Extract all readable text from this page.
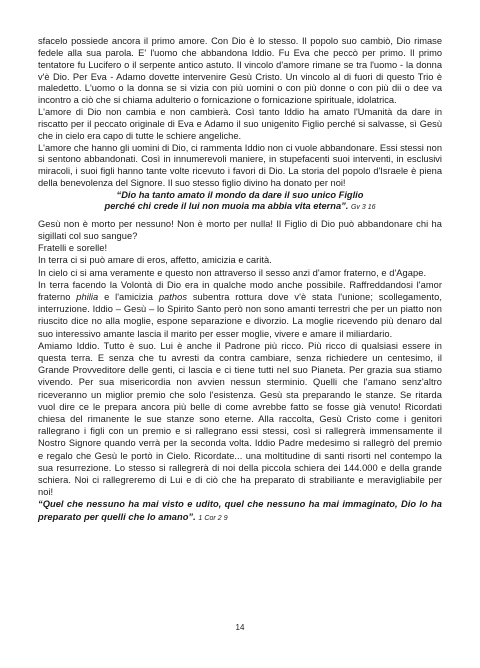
sfacelo possiede ancora il primo amore. Con Dio è lo stesso. Il popolo suo cambiò, Dio rimase fedele alla sua parola. E' l'uomo che abbandona Iddio. Fu Eva che peccò per primo. Il primo tentatore fu Lucifero o il serpente antico astuto. Il vincolo d'amore rimane se tra l'uomo - la donna v'è Dio. Per Eva - Adamo dovette intervenire Gesù Cristo. Un vincolo al di fuori di questo Trio è maledetto. L'uomo o la donna se si vizia con più uomini o con più donne o con più dii o dee va incontro a ciò che si chiama adulterio o fornicazione o fornicazione spirituale, idolatrica.

L'amore di Dio non cambia e non cambierà. Così tanto Iddio ha amato l'Umanità da dare in riscatto per il peccato originale di Eva e Adamo il suo unigenito Figlio perché si salvasse, sì Gesù che in cielo era capo di tutte le schiere angeliche.

L'amore che hanno gli uomini di Dio, ci rammenta Iddio non ci vuole abbandonare. Essi stessi non si sentono abbandonati. Così in innumerevoli maniere, in stupefacenti suoi interventi, in esclusivi miracoli, i suoi figli hanno tante volte ricevuto i favori di Dio. La storia del popolo d'Israele è piena della benevolenza del Signore. Il suo stesso figlio divino ha donato per noi!

“Dio ha tanto amato il mondo da dare il suo unico Figlio
perché chi crede il lui non muoia ma abbia vita eterna”. Gv 3 16

Gesù non è morto per nessuno! Non è morto per nulla! Il Figlio di Dio può abbandonare chi ha sigillati col suo sangue?

Fratelli e sorelle!

In terra ci si può amare di eros, affetto, amicizia e carità.

In cielo ci si ama veramente e questo non attraverso il sesso anzi d'amor fraterno, e d'Agape.

In terra facendo la Volontà di Dio era in qualche modo anche possibile. Raffreddandosi l'amor fraterno philia e l'amicizia pathos subentra rottura dove v'è stata l'unione; scollegamento, interruzione. Iddio – Gesù – lo Spirito Santo però non sono amanti terrestri che per un piatto non riuscito dice no alla moglie, espone separazione e divorzio. La moglie ricevendo più denaro dal suo interessivo amante lascia il marito per esser moglie, vivere e amare il miliardario.

Amiamo Iddio. Tutto è suo. Lui è anche il Padrone più ricco. Più ricco di qualsiasi essere in questa terra. E senza che tu avresti da contra cambiare, senza richiedere un centesimo, il Grande Provveditore delle genti, ci lascia e ci tiene tutti nel suo Pianeta. Per grazia sua stiamo vivendo. Per sua misericordia non avvien nessun sterminio. Quelli che l'amano senz'altro riceveranno un miglior premio che solo l'esistenza. Gesù sta preparando le stanze. Se ritarda vuol dire ce le prepara ancora più belle di come avrebbe fatto se fosse già venuto! Ricordati chiesa del rimanente le sue stanze sono eterne. Alla raccolta, Gesù Cristo come i genitori rallegrano i figli con un premio e si rallegrano essi stessi, così si rallegrerà immensamente il Nostro Signore quando verrà per la seconda volta. Iddio Padre medesimo si rallegrò del premio e regalo che Gesù le portò in Cielo. Ricordate... una moltitudine di santi risorti nel contempo la sua resurrezione. Lo stesso si rallegrerà di noi della piccola schiera dei 144.000 e della grande schiera. Noi ci rallegreremo di Lui e di ciò che ha preparato di strabiliante e meravigliabile per noi!

“Quel che nessuno ha mai visto e udito, quel che nessuno ha mai immaginato, Dio lo ha preparato per quelli che lo amano”. 1 Cor 2 9

14
